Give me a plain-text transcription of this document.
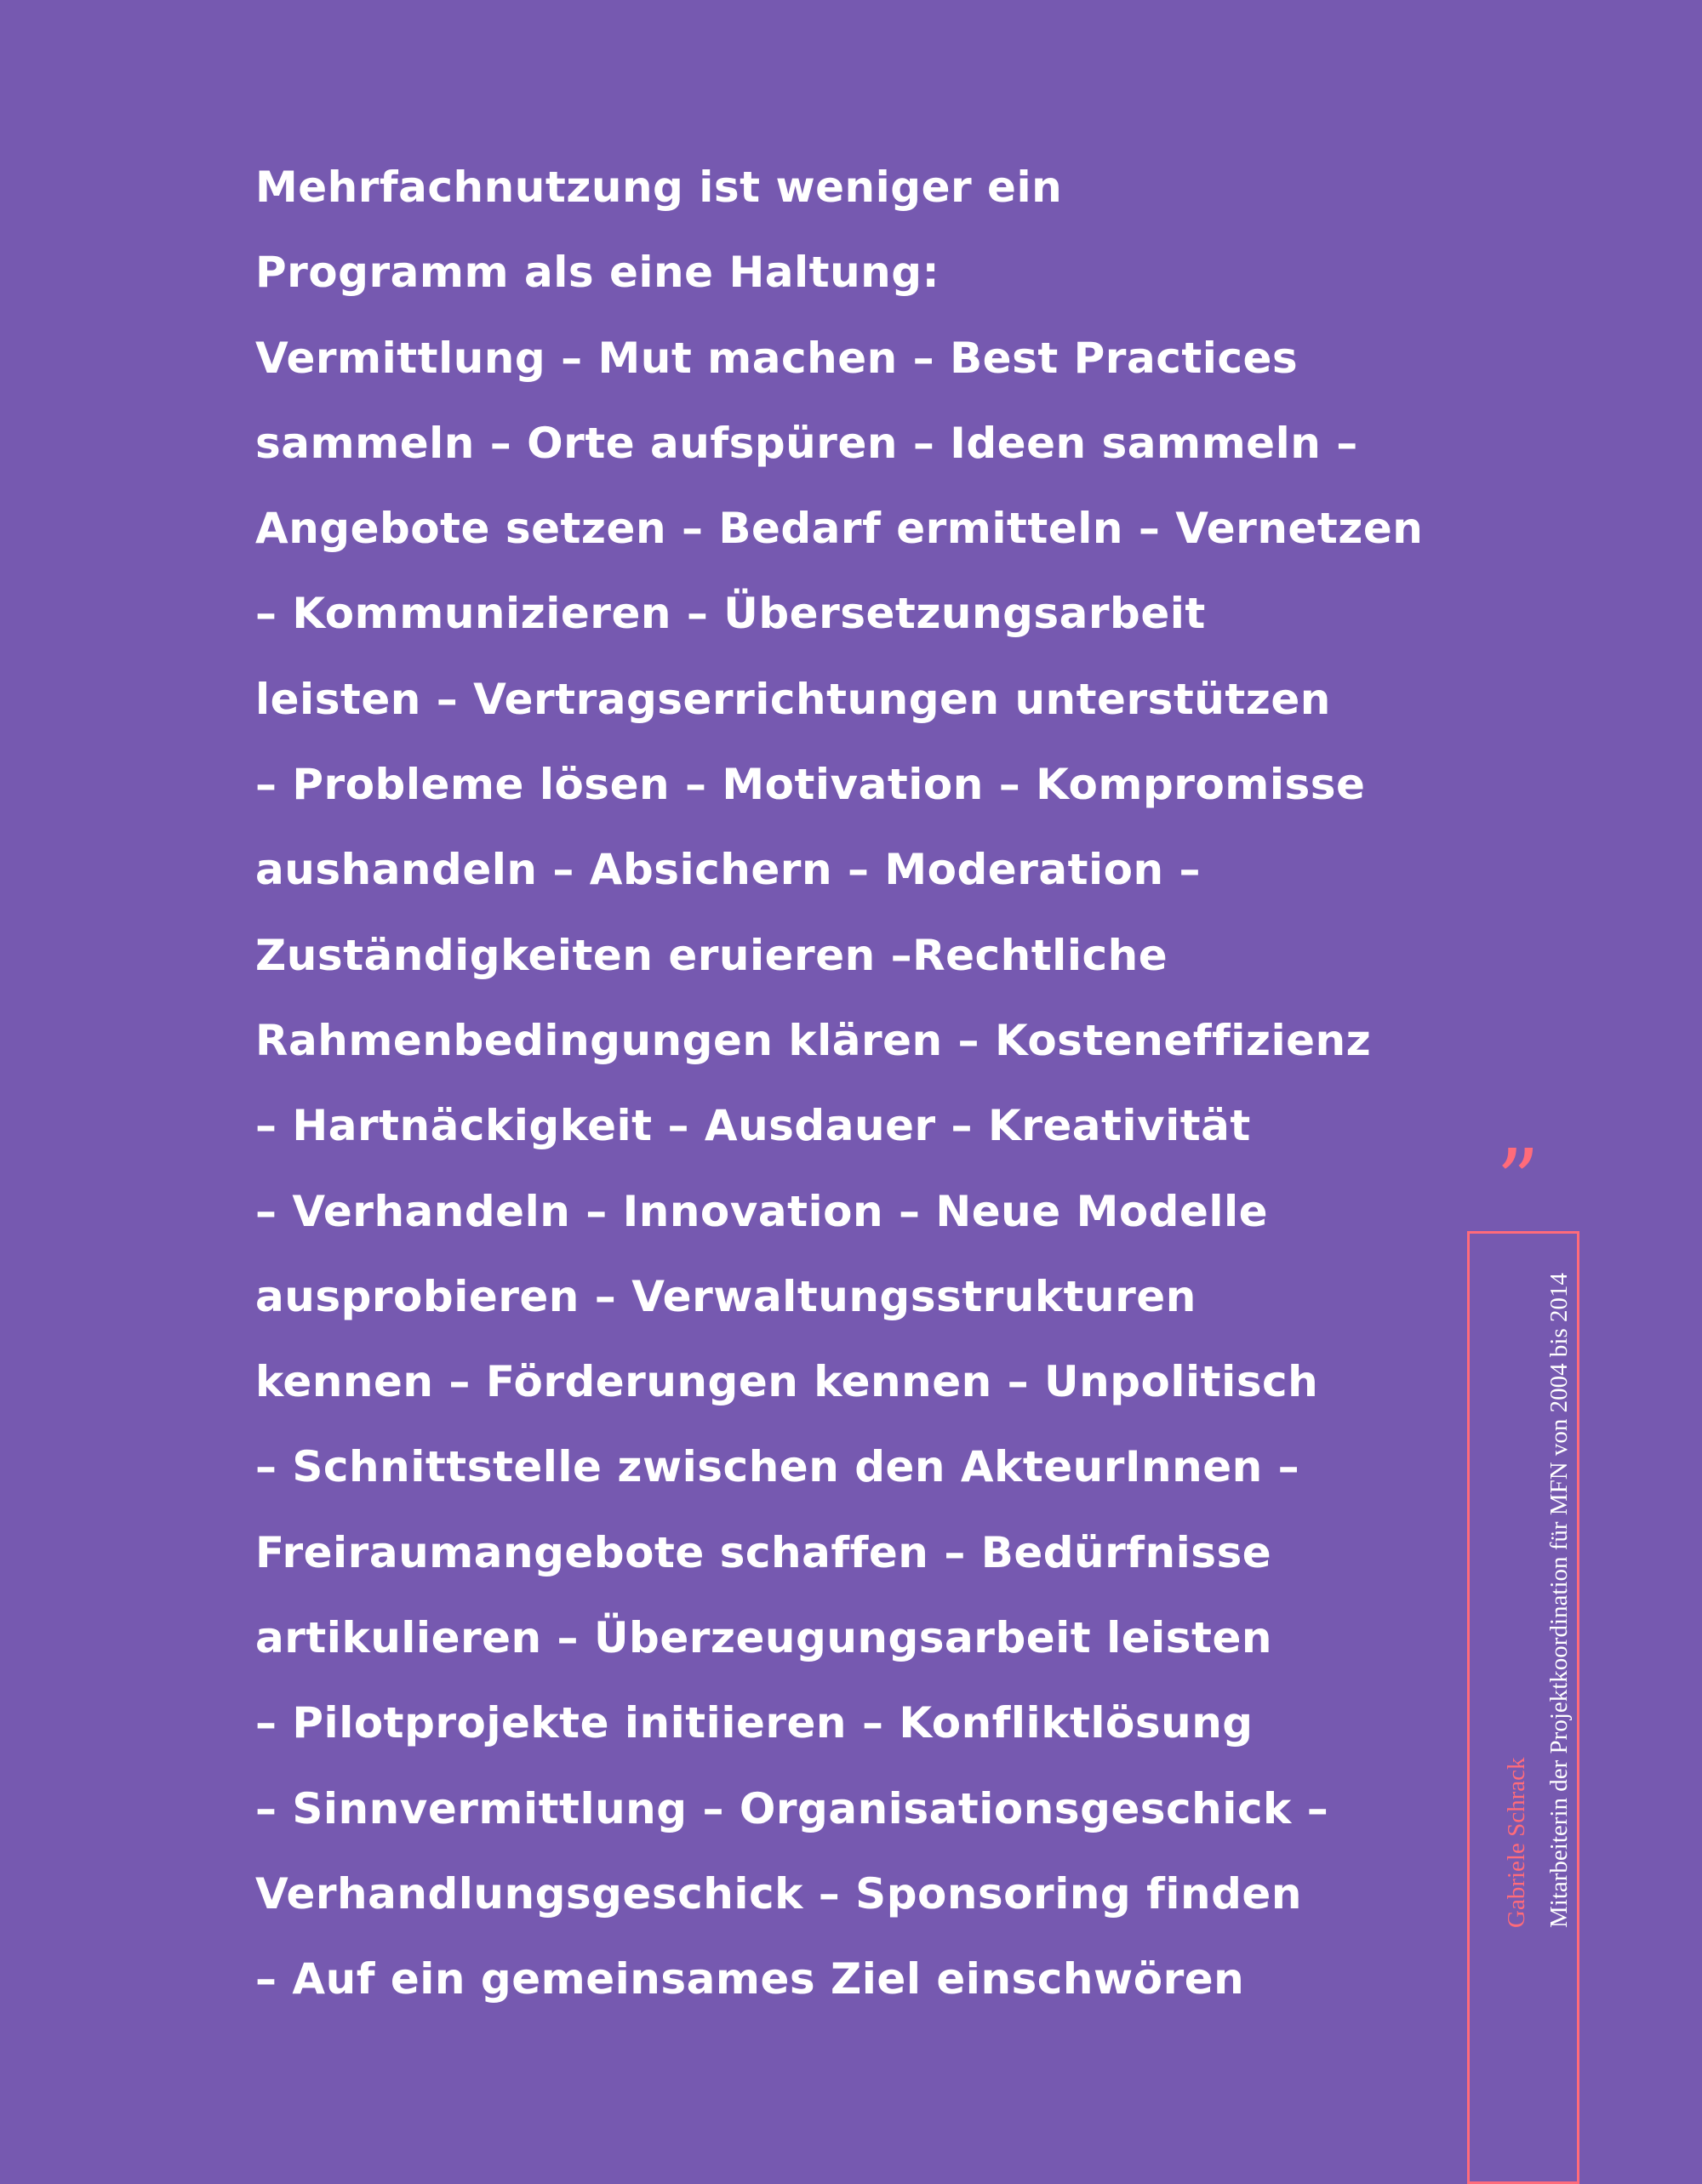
Mehrfachnutzung ist weniger ein
Programm als eine Haltung:
Vermittlung – Mut machen – Best Practices
sammeln – Orte aufspüren – Ideen sammeln –
Angebote setzen – Bedarf ermitteln – Vernetzen
– Kommunizieren – Übersetzungsarbeit
leisten – Vertragserrichtungen unterstützen
– Probleme lösen – Motivation – Kompromisse
aushandeln – Absichern – Moderation –
Zuständigkeiten eruieren –Rechtliche
Rahmenbedingungen klären – Kosteneffizienz
– Hartnäckigkeit – Ausdauer – Kreativität
– Verhandeln – Innovation – Neue Modelle
ausprobieren – Verwaltungsstrukturen
kennen – Förderungen kennen – Unpolitisch
– Schnittstelle zwischen den AkteurInnen –
Freiraumangebote schaffen – Bedürfnisse
artikulieren – Überzeugungsarbeit leisten
– Pilotprojekte initiieren – Konfliktlösung
– Sinnvermittlung – Organisationsgeschick –
Verhandlungsgeschick – Sponsoring finden
– Auf ein gemeinsames Ziel einschwören
”
Gabriele Schrack Mitarbeiterin der Projektkoordination für MFN von 2004 bis 2014
